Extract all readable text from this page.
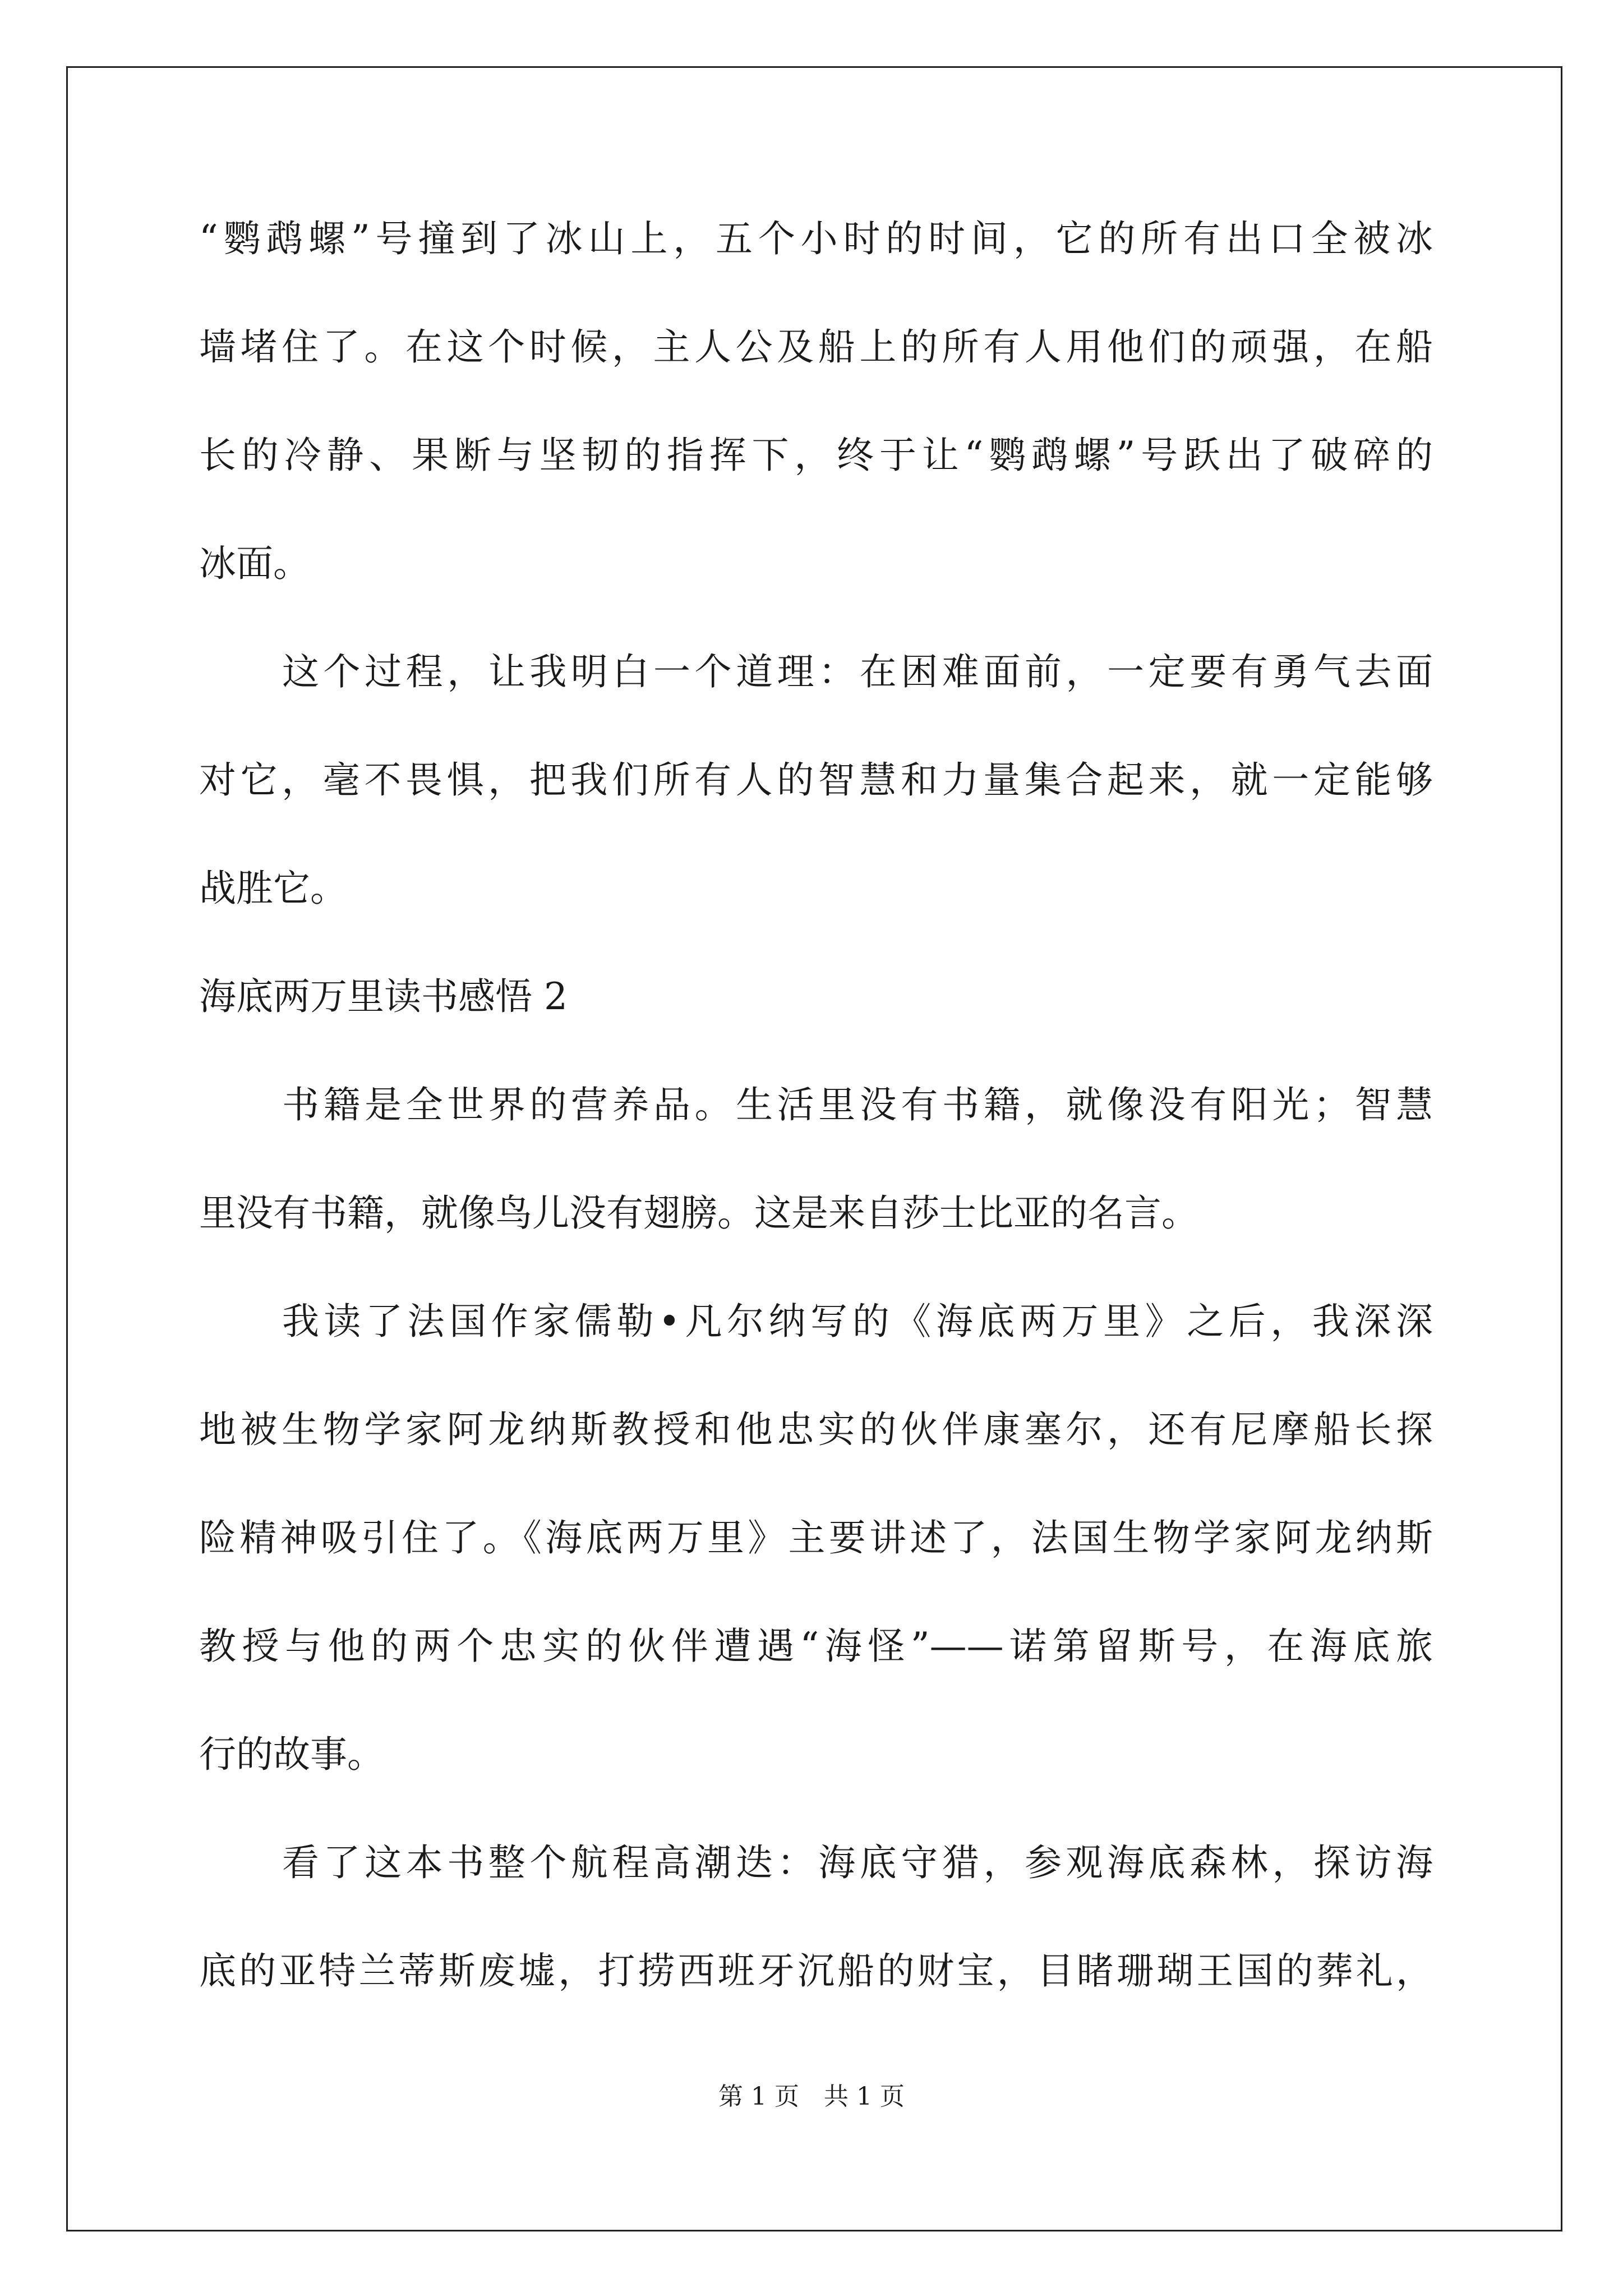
“鹦鹉螺”号撞到了冰山上，五个小时的时间，它的所有出口全被冰
墙堵住了。在这个时候，主人公及船上的所有人用他们的顽强，在船
长的冷静、果断与坚韧的指挥下，终于让“鹦鹉螺”号跃出了破碎的
冰面。
这个过程，让我明白一个道理：在困难面前，一定要有勇气去面
对它，毫不畏惧，把我们所有人的智慧和力量集合起来，就一定能够
战胜它。
海底两万里读书感悟 2
书籍是全世界的营养品。生活里没有书籍，就像没有阳光；智慧
里没有书籍，就像鸟儿没有翅膀。这是来自莎士比亚的名言。
我读了法国作家儒勒•凡尔纳写的《海底两万里》之后，我深深
地被生物学家阿龙纳斯教授和他忠实的伙伴康塞尔，还有尼摩船长探
险精神吸引住了。《海底两万里》主要讲述了，法国生物学家阿龙纳斯
教授与他的两个忠实的伙伴遭遇“海怪”——诺第留斯号，在海底旅
行的故事。
看了这本书整个航程高潮迭：海底守猎，参观海底森林，探访海
底的亚特兰蒂斯废墟，打捞西班牙沉船的财宝，目睹珊瑚王国的葬礼，
第 1 页　共 1 页
